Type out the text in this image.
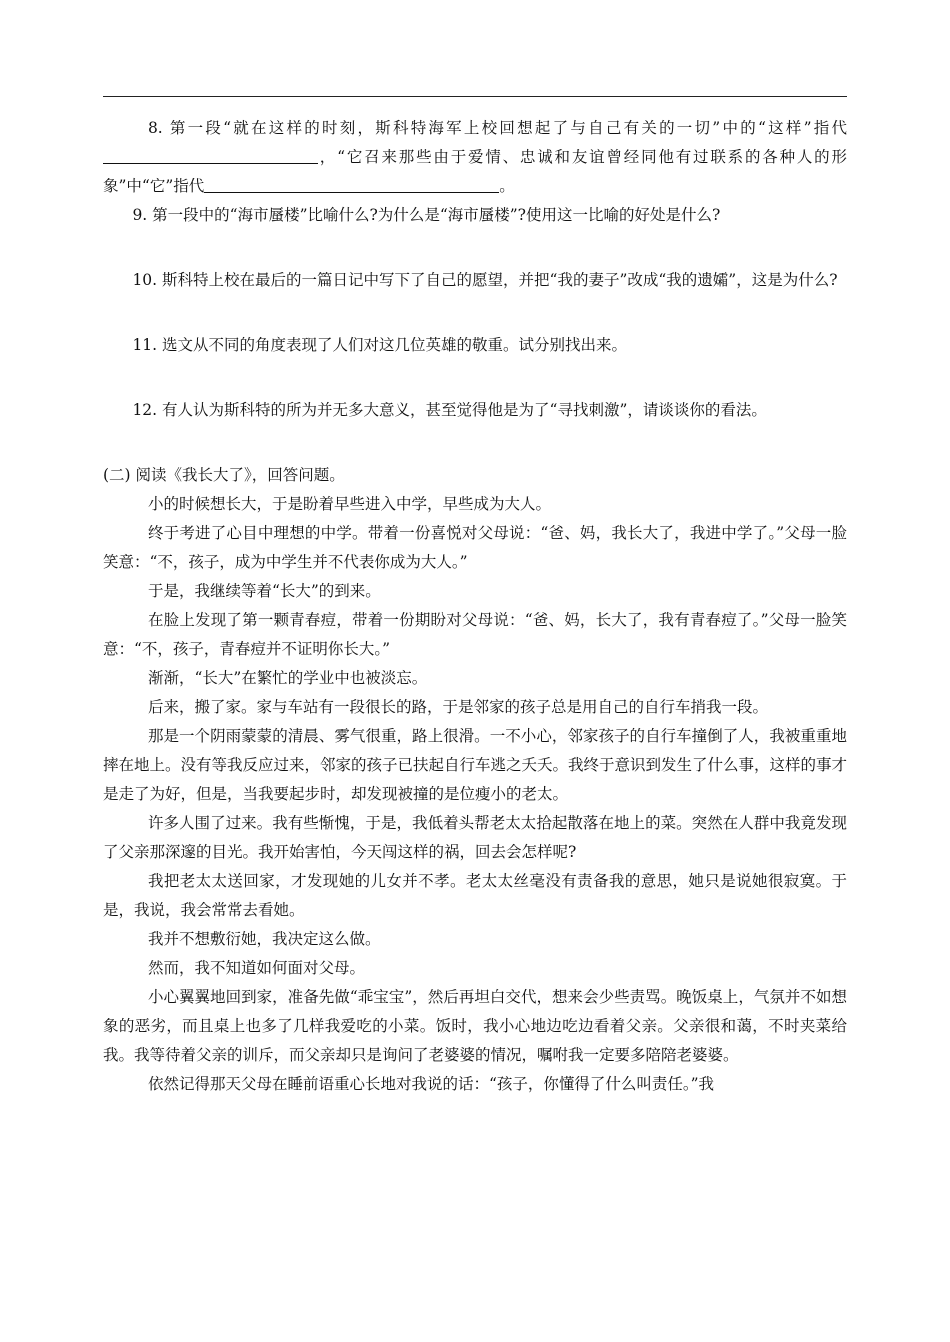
8. 第一段“就在这样的时刻，斯科特海军上校回想起了与自己有关的一切”中的“这样”指代，“它召来那些由于爱情、忠诚和友谊曾经同他有过联系的各种人的形象”中“它”指代	。

9. 第一段中的“海市蜃楼”比喻什么?为什么是“海市蜃楼”?使用这一比喻的好处是什么?

10. 斯科特上校在最后的一篇日记中写下了自己的愿望，并把“我的妻子”改成“我的遗孀”，这是为什么?

11. 选文从不同的角度表现了人们对这几位英雄的敬重。试分别找出来。

12. 有人认为斯科特的所为并无多大意义，甚至觉得他是为了“寻找刺激”，请谈谈你的看法。

(二) 阅读《我长大了》，回答问题。

小的时候想长大，于是盼着早些进入中学，早些成为大人。

终于考进了心目中理想的中学。带着一份喜悦对父母说：“爸、妈，我长大了，我进中学了。”父母一脸笑意：“不，孩子，成为中学生并不代表你成为大人。”

于是，我继续等着“长大”的到来。

在脸上发现了第一颗青春痘，带着一份期盼对父母说：“爸、妈，长大了，我有青春痘了。”父母一脸笑意：“不，孩子，青春痘并不证明你长大。”

渐渐，“长大”在繁忙的学业中也被淡忘。

后来，搬了家。家与车站有一段很长的路，于是邻家的孩子总是用自己的自行车捎我一段。

那是一个阴雨蒙蒙的清晨、雾气很重，路上很滑。一不小心，邻家孩子的自行车撞倒了人，我被重重地摔在地上。没有等我反应过来，邻家的孩子已扶起自行车逃之夭夭。我终于意识到发生了什么事，这样的事才是走了为好，但是，当我要起步时，却发现被撞的是位瘦小的老太。

许多人围了过来。我有些惭愧，于是，我低着头帮老太太拾起散落在地上的菜。突然在人群中我竟发现了父亲那深邃的目光。我开始害怕，今天闯这样的祸，回去会怎样呢?

我把老太太送回家，才发现她的儿女并不孝。老太太丝毫没有责备我的意思，她只是说她很寂寞。于是，我说，我会常常去看她。

我并不想敷衍她，我决定这么做。

然而，我不知道如何面对父母。

小心翼翼地回到家，准备先做“乖宝宝”，然后再坦白交代，想来会少些责骂。晚饭桌上，气氛并不如想象的恶劣，而且桌上也多了几样我爱吃的小菜。饭时，我小心地边吃边看着父亲。父亲很和蔼，不时夹菜给我。我等待着父亲的训斥，而父亲却只是询问了老婆婆的情况，嘱咐我一定要多陪陪老婆婆。

依然记得那天父母在睡前语重心长地对我说的话：“孩子，你懂得了什么叫责任。”我
